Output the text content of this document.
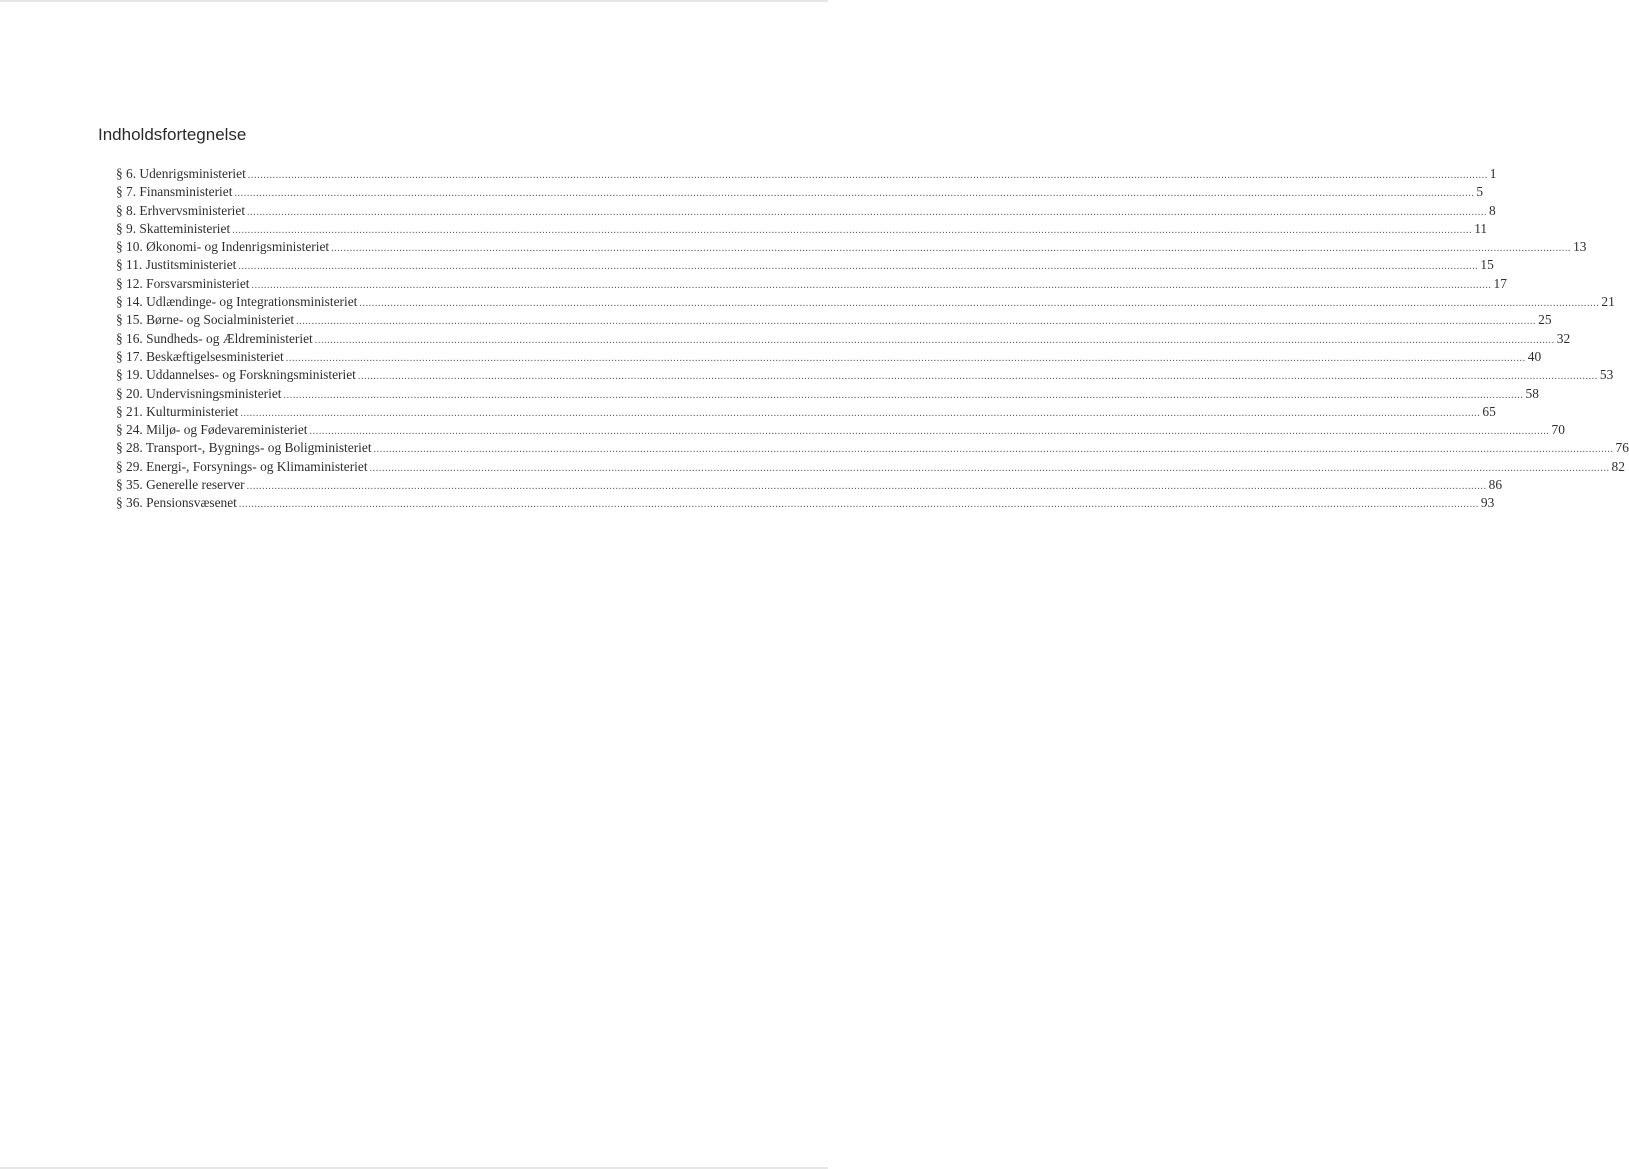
Indholdsfortegnelse
§ 6. Udenrigsministeriet ................................................................................................................................................................................................................................................................................................................................................................................................................ 1
§ 7. Finansministeriet ................................................................................................................................................................................................................................................................................................................................................................................................................ 5
§ 8. Erhvervsministeriet ................................................................................................................................................................................................................................................................................................................................................................................................................ 8
§ 9. Skatteministeriet ................................................................................................................................................................................................................................................................................................................................................................................................................ 11
§ 10. Økonomi- og Indenrigsministeriet ................................................................................................................................................................................................................................................................................................................................................................................................................ 13
§ 11. Justitsministeriet ................................................................................................................................................................................................................................................................................................................................................................................................................ 15
§ 12. Forsvarsministeriet ................................................................................................................................................................................................................................................................................................................................................................................................................ 17
§ 14. Udlændinge- og Integrationsministeriet ................................................................................................................................................................................................................................................................................................................................................................................................................ 21
§ 15. Børne- og Socialministeriet ................................................................................................................................................................................................................................................................................................................................................................................................................ 25
§ 16. Sundheds- og Ældreministeriet ................................................................................................................................................................................................................................................................................................................................................................................................................ 32
§ 17. Beskæftigelsesministeriet ................................................................................................................................................................................................................................................................................................................................................................................................................ 40
§ 19. Uddannelses- og Forskningsministeriet ................................................................................................................................................................................................................................................................................................................................................................................................................ 53
§ 20. Undervisningsministeriet ................................................................................................................................................................................................................................................................................................................................................................................................................ 58
§ 21. Kulturministeriet ................................................................................................................................................................................................................................................................................................................................................................................................................ 65
§ 24. Miljø- og Fødevareministeriet ................................................................................................................................................................................................................................................................................................................................................................................................................ 70
§ 28. Transport-, Bygnings- og Boligministeriet ................................................................................................................................................................................................................................................................................................................................................................................................................ 76
§ 29. Energi-, Forsynings- og Klimaministeriet ................................................................................................................................................................................................................................................................................................................................................................................................................ 82
§ 35. Generelle reserver ................................................................................................................................................................................................................................................................................................................................................................................................................ 86
§ 36. Pensionsvæsenet ................................................................................................................................................................................................................................................................................................................................................................................................................ 93
